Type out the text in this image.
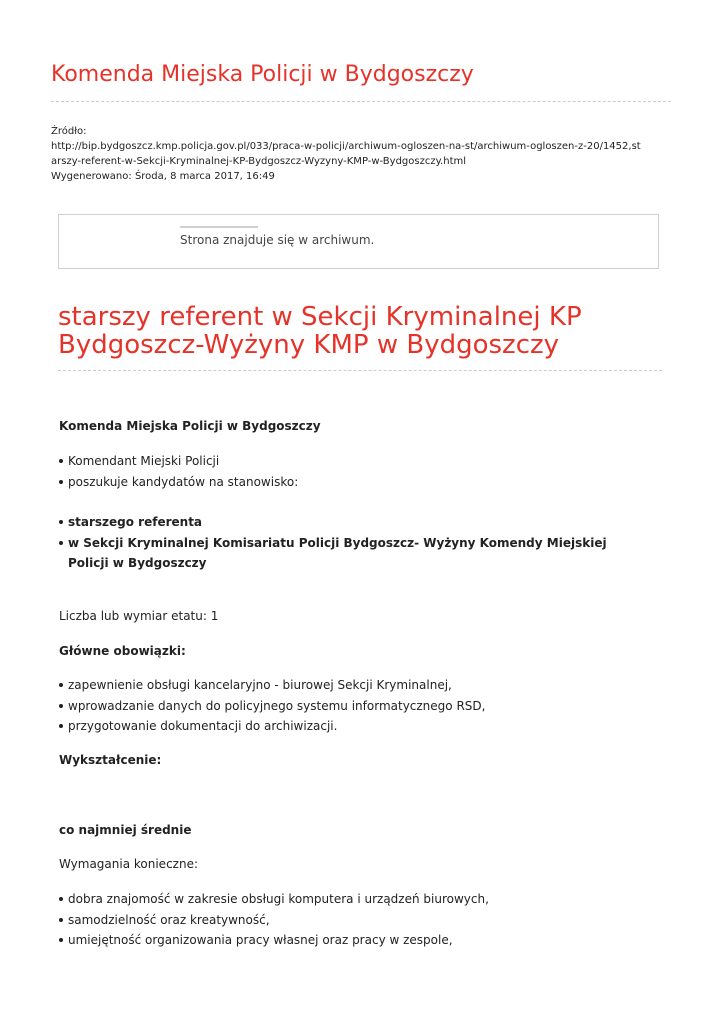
Komenda Miejska Policji w Bydgoszczy
Źródło:
http://bip.bydgoszcz.kmp.policja.gov.pl/033/praca-w-policji/archiwum-ogloszen-na-st/archiwum-ogloszen-z-20/1452,st
arszy-referent-w-Sekcji-Kryminalnej-KP-Bydgoszcz-Wyzyny-KMP-w-Bydgoszczy.html
Wygenerowano: Środa, 8 marca 2017, 16:49
Strona znajduje się w archiwum.
starszy referent w Sekcji Kryminalnej KP
Bydgoszcz-Wyżyny KMP w Bydgoszczy
Komenda Miejska Policji w Bydgoszczy
Komendant Miejski Policji
poszukuje kandydatów na stanowisko:
starszego referenta
w Sekcji Kryminalnej Komisariatu Policji Bydgoszcz- Wyżyny Komendy Miejskiej Policji w Bydgoszczy
Liczba lub wymiar etatu: 1
Główne obowiązki:
zapewnienie obsługi kancelaryjno - biurowej Sekcji Kryminalnej,
wprowadzanie danych do policyjnego systemu informatycznego RSD,
przygotowanie dokumentacji do archiwizacji.
Wykształcenie:
co najmniej średnie
Wymagania konieczne:
dobra znajomość w zakresie obsługi komputera i urządzeń biurowych,
samodzielność oraz kreatywność,
umiejętność organizowania pracy własnej oraz pracy w zespole,
